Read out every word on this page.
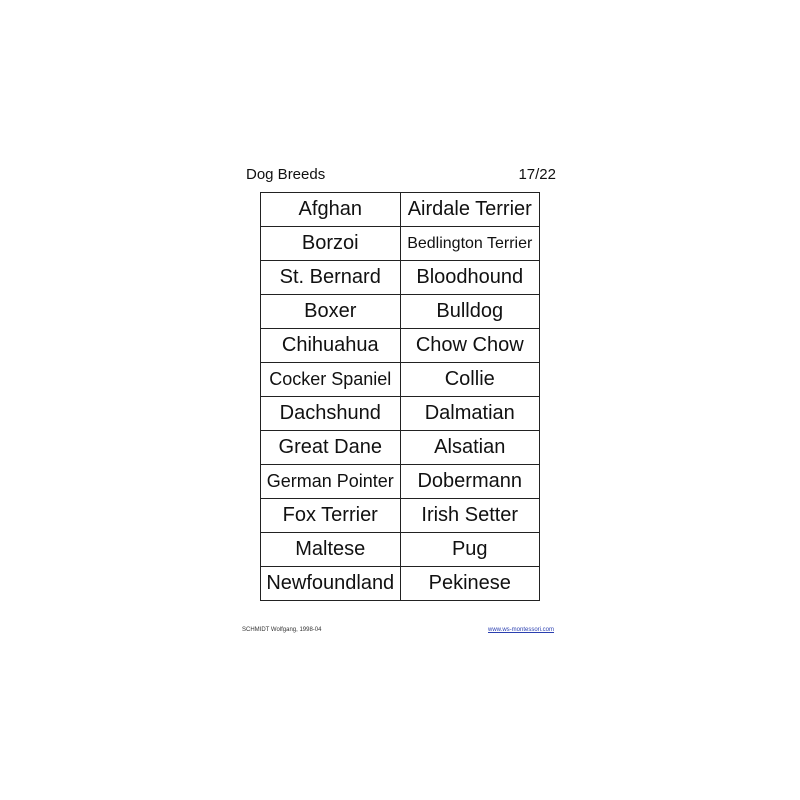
Dog Breeds	17/22
Afghan	Airdale Terrier
Borzoi	Bedlington Terrier
St. Bernard	Bloodhound
Boxer	Bulldog
Chihuahua	Chow Chow
Cocker Spaniel	Collie
Dachshund	Dalmatian
Great Dane	Alsatian
German Pointer	Dobermann
Fox Terrier	Irish Setter
Maltese	Pug
Newfoundland	Pekinese
SCHMIDT Wolfgang, 1998-04	www.ws-montessori.com
